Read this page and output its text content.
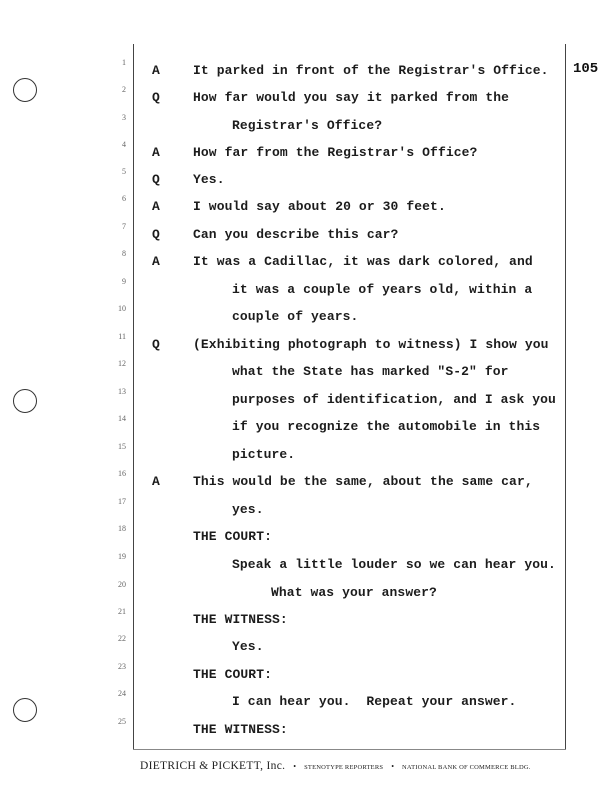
105
1
A	It parked in front of the Registrar's Office.
2
Q	How far would you say it parked from the
3
Registrar's Office?
4
A	How far from the Registrar's Office?
5
Q	Yes.
6
A	I would say about 20 or 30 feet.
7
Q	Can you describe this car?
8
A	It was a Cadillac, it was dark colored, and
9
it was a couple of years old, within a
10
couple of years.
11
Q	(Exhibiting photograph to witness) I show you
12
what the State has marked "S-2" for
13
purposes of identification, and I ask you
14
if you recognize the automobile in this
15
picture.
16
A	This would be the same, about the same car,
17
yes.
18
THE COURT:
19
Speak a little louder so we can hear you.
20
What was your answer?
21
THE WITNESS:
22
Yes.
23
THE COURT:
24
I can hear you.  Repeat your answer.
25
THE WITNESS:
DIETRICH & PICKETT, Inc. • STENOTYPE REPORTERS • NATIONAL BANK OF COMMERCE BLDG.
